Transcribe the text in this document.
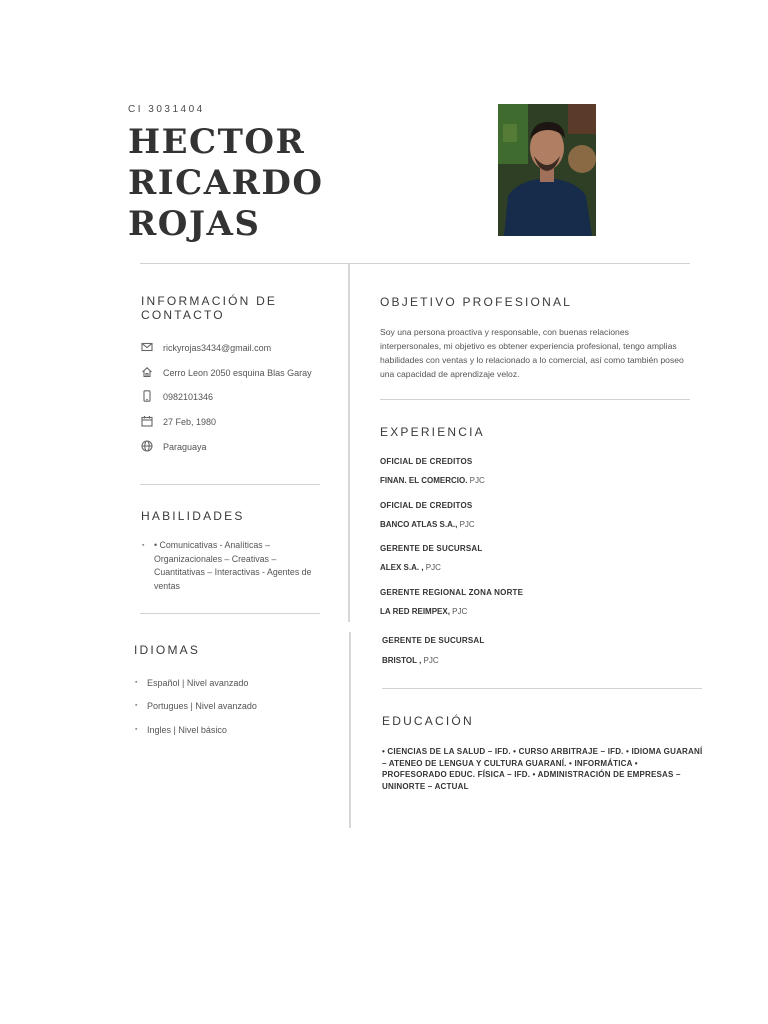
CI 3031404
HECTOR
RICARDO
ROJAS
INFORMACIÓN DE CONTACTO
rickyrojas3434@gmail.com
Cerro Leon 2050 esquina Blas Garay
0982101346
27 Feb, 1980
Paraguaya
HABILIDADES
▪ • Comunicativas - Analíticas – Organizacionales – Creativas – Cuantitativas – Interactivas - Agentes de ventas
IDIOMAS
▪ Español | Nivel avanzado
▪ Portugues | Nivel avanzado
▪ Ingles | Nivel básico
OBJETIVO PROFESIONAL
Soy una persona proactiva y responsable, con buenas relaciones interpersonales, mi objetivo es obtener experiencia profesional, tengo amplias habilidades con ventas y lo relacionado a lo comercial, así como también poseo una capacidad de aprendizaje veloz.
EXPERIENCIA
OFICIAL DE CREDITOS
FINAN. EL COMERCIO. PJC
OFICIAL DE CREDITOS
BANCO ATLAS S.A., PJC
GERENTE DE SUCURSAL
ALEX S.A. , PJC
GERENTE REGIONAL ZONA NORTE
LA RED REIMPEX, PJC
GERENTE DE SUCURSAL
BRISTOL , PJC
EDUCACIÓN
• CIENCIAS DE LA SALUD – IFD. • CURSO ARBITRAJE – IFD. • IDIOMA GUARANÍ – ATENEO DE LENGUA Y CULTURA GUARANÍ. • INFORMÁTICA • PROFESORADO EDUC. FÍSICA – IFD. • ADMINISTRACIÓN DE EMPRESAS – UNINORTE – ACTUAL
